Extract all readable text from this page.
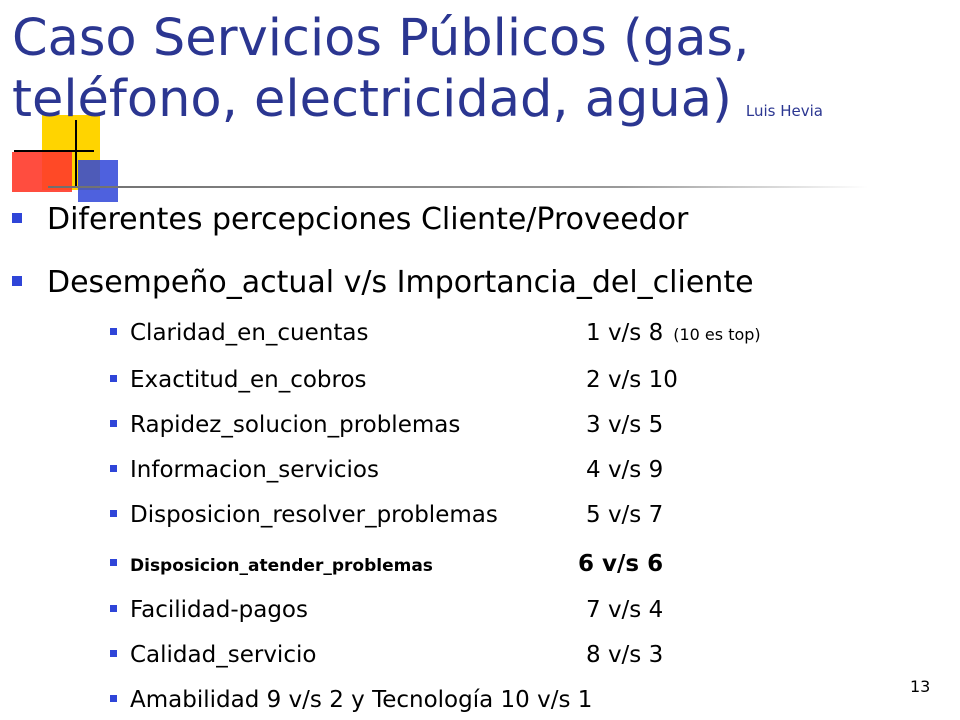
Caso Servicios Públicos (gas, teléfono, electricidad, agua) Luis Hevia
Diferentes percepciones Cliente/Proveedor
Desempeño_actual v/s Importancia_del_cliente
Claridad_en_cuentas	1 v/s 8 (10 es top)
Exactitud_en_cobros	2 v/s 10
Rapidez_solucion_problemas	3 v/s 5
Informacion_servicios	4 v/s 9
Disposicion_resolver_problemas	5 v/s 7
Disposicion_atender_problemas	6 v/s 6
Facilidad-pagos	7 v/s 4
Calidad_servicio	8 v/s 3
Amabilidad 9 v/s 2 y Tecnología 10 v/s 1
13
